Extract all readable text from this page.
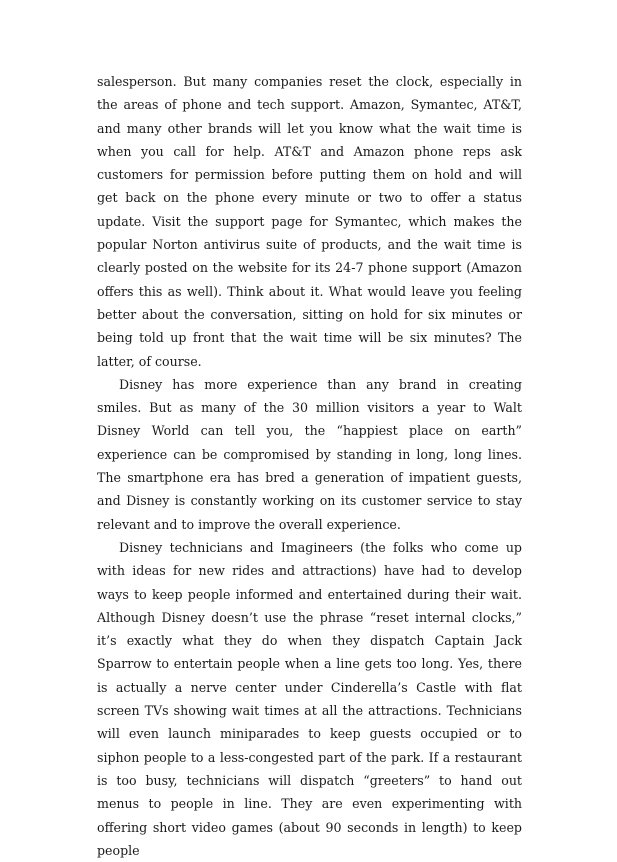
salesperson. But many companies reset the clock, especially in the areas of phone and tech support. Amazon, Symantec, AT&T, and many other brands will let you know what the wait time is when you call for help. AT&T and Amazon phone reps ask customers for permission before putting them on hold and will get back on the phone every minute or two to offer a status update. Visit the support page for Symantec, which makes the popular Norton antivirus suite of products, and the wait time is clearly posted on the website for its 24-7 phone support (Amazon offers this as well). Think about it. What would leave you feeling better about the conversation, sitting on hold for six minutes or being told up front that the wait time will be six minutes? The latter, of course.

Disney has more experience than any brand in creating smiles. But as many of the 30 million visitors a year to Walt Disney World can tell you, the “happiest place on earth” experience can be compromised by standing in long, long lines. The smartphone era has bred a generation of impatient guests, and Disney is constantly working on its customer service to stay relevant and to improve the overall experience.

Disney technicians and Imagineers (the folks who come up with ideas for new rides and attractions) have had to develop ways to keep people informed and entertained during their wait. Although Disney doesn’t use the phrase “reset internal clocks,” it’s exactly what they do when they dispatch Captain Jack Sparrow to entertain people when a line gets too long. Yes, there is actually a nerve center under Cinderella’s Castle with flat screen TVs showing wait times at all the attractions. Technicians will even launch miniparades to keep guests occupied or to siphon people to a less-congested part of the park. If a restaurant is too busy, technicians will dispatch “greeters” to hand out menus to people in line. They are even experimenting with offering short video games (about 90 seconds in length) to keep people
